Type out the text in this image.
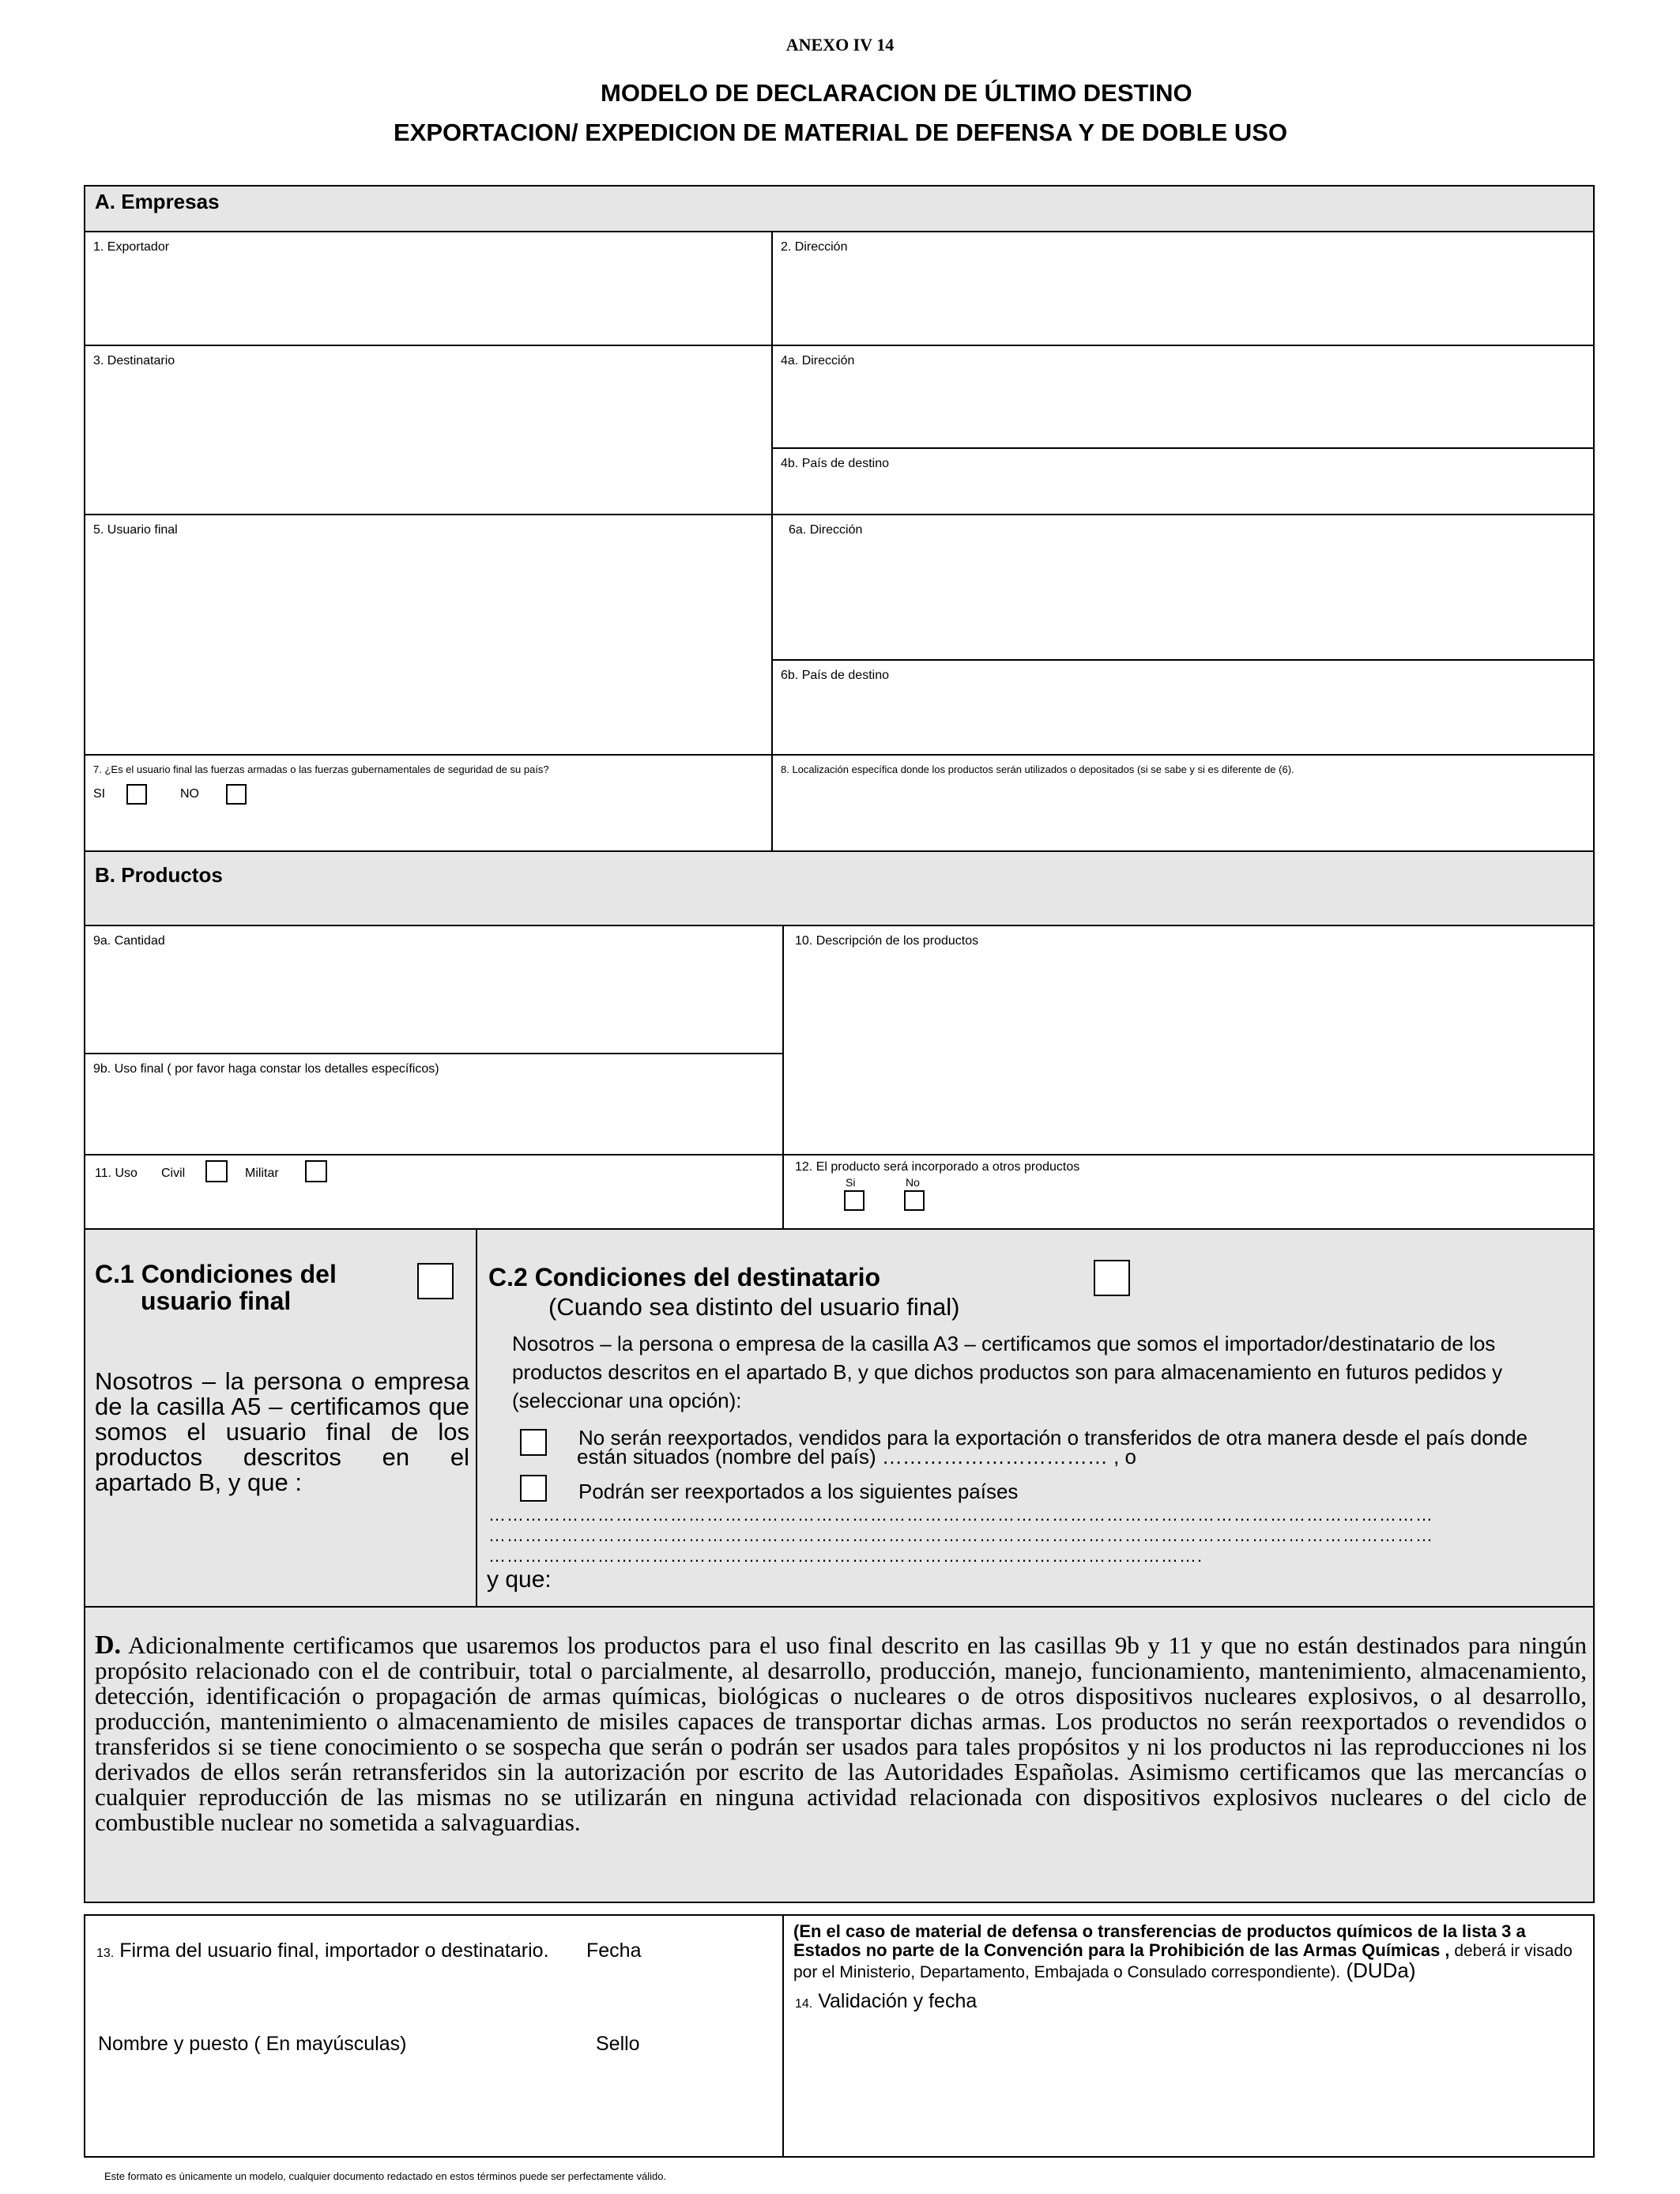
ANEXO IV 14
MODELO DE DECLARACION DE ÚLTIMO DESTINO
EXPORTACION/ EXPEDICION DE MATERIAL DE DEFENSA Y DE DOBLE USO
A. Empresas
1. Exportador	2. Dirección
3. Destinatario	4a. Dirección
4b. País de destino
5. Usuario final	6a. Dirección
6b. País de destino
7. ¿Es el usuario final las fuerzas armadas o las fuerzas gubernamentales de seguridad de su país?
SI	NO
8. Localización específica donde los productos serán utilizados o depositados (si se sabe y si es diferente de (6).
B. Productos
9a. Cantidad
9b. Uso final ( por favor haga constar los detalles específicos)
10. Descripción de los productos
11. Uso Civil	Militar	12. El producto será incorporado a otros productos
Si	No
C.1 Condiciones del
usuario final
Nosotros – la persona o empresa de la casilla A5 – certificamos que somos el usuario final de los productos descritos en el apartado B, y que :
C.2 Condiciones del destinatario
(Cuando sea distinto del usuario final)
Nosotros – la persona o empresa de la casilla A3 – certificamos que somos el importador/destinatario de los productos descritos en el apartado B, y que dichos productos son para almacenamiento en futuros pedidos y (seleccionar una opción):
No serán reexportados, vendidos para la exportación o transferidos de otra manera desde el país donde
están situados (nombre del país) …………………………… , o
Podrán ser reexportados a los siguientes países
…………………………………………………………………………………………………………………………………………
…………………………………………………………………………………………………………………………………………
……………………………………………………………………………………………………….
y que:
D. Adicionalmente certificamos que usaremos los productos para el uso final descrito en las casillas 9b y 11 y que no están destinados para ningún propósito relacionado con el de contribuir, total o parcialmente, al desarrollo, producción, manejo, funcionamiento, mantenimiento, almacenamiento, detección, identificación o propagación de armas químicas, biológicas o nucleares o de otros dispositivos nucleares explosivos, o al desarrollo, producción, mantenimiento o almacenamiento de misiles capaces de transportar dichas armas. Los productos no serán reexportados o revendidos o transferidos si se tiene conocimiento o se sospecha que serán o podrán ser usados para tales propósitos y ni los productos ni las reproducciones ni los derivados de ellos serán retransferidos sin la autorización por escrito de las Autoridades Españolas. Asimismo certificamos que las mercancías o cualquier reproducción de las mismas no se utilizarán en ninguna actividad relacionada con dispositivos explosivos nucleares o del ciclo de combustible nuclear no sometida a salvaguardias.
13. Firma del usuario final, importador o destinatario. Fecha
Nombre y puesto ( En mayúsculas)	Sello
(En el caso de material de defensa o transferencias de productos químicos de la lista 3 a Estados no parte de la Convención para la Prohibición de las Armas Químicas , deberá ir visado por el Ministerio, Departamento, Embajada o Consulado correspondiente). (DUDa)
14. Validación y fecha
Este formato es únicamente un modelo, cualquier documento redactado en estos términos puede ser perfectamente válido.
